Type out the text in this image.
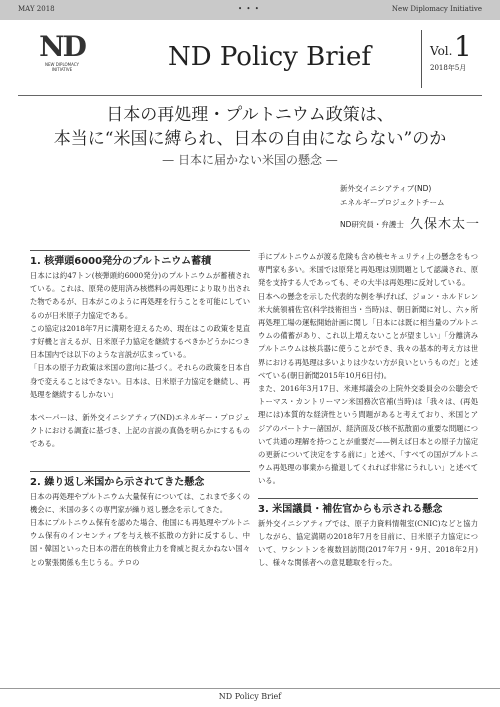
MAY 2018	• • •	New Diplomacy Initiative
ND
NEW DIPLOMACY
INITIATIVE	ND Policy Brief	Vol. 1
2018年5月
日本の再処理・プルトニウム政策は、
本当に“米国に縛られ、日本の自由にならない”のか
— 日本に届かない米国の懸念 —
新外交イニシアティブ(ND)
エネルギープロジェクトチーム
ND研究員・弁護士 久保木太一
1. 核弾頭6000発分のプルトニウム蓄積

日本には約47トン(核弾頭約6000発分)のプルトニウムが蓄積されている。これは、原発の使用済み核燃料の再処理により取り出された物であるが、日本がこのように再処理を行うことを可能にしているのが日米原子力協定である。

この協定は2018年7月に満期を迎えるため、現在はこの政策を見直す好機と言えるが、日米原子力協定を継続するべきかどうかにつき日本国内では以下のような言説が広まっている。

「日本の原子力政策は米国の意向に基づく。それらの政策を日本自身で変えることはできない。日本は、日米原子力協定を継続し、再処理を継続するしかない」

本ペーパーは、新外交イニシアティブ(ND)エネルギー・プロジェクトにおける調査に基づき、上記の言説の真偽を明らかにするものである。

2. 繰り返し米国から示されてきた懸念

日本の再処理やプルトニウム大量保有については、これまで多くの機会に、米国の多くの専門家が繰り返し懸念を示してきた。

日本にプルトニウム保有を認めた場合、他国にも再処理やプルトニウム保有のインセンティブを与え核不拡散の方針に反するし、中国・韓国といった日本の潜在的核脅止力を脅威と捉えかねない国々との緊張関係も生じうる。テロの

手にプルトニウムが渡る危険も含め核セキュリティ上の懸念をもつ専門家も多い。米国では原発と再処理は別問題として認識され、原発を支持する人であっても、その大半は再処理に反対している。

日本への懸念を示した代表的な例を挙げれば、ジョン・ホルドレン米大統領補佐官(科学技術担当・当時)は、朝日新聞に対し、六ヶ所再処理工場の運転開始計画に関し「日本には既に相当量のプルトニウムの備蓄があり、これ以上増えないことが望ましい」「分離済みプルトニウムは核兵器に使うことができ、我々の基本的考え方は世界における再処理は多いよりは少ない方が良いというものだ」と述べている(朝日新聞2015年10月6日付)。

また、2016年3月17日、米連邦議会の上院外交委員会の公聴会でトーマス・カントリーマン米国務次官補(当時)は「我々は、(再処理には)本質的な経済性という問題があると考えており、米国とアジアのパートナー諸国が、経済面及び核不拡散面の重要な問題について共通の理解を持つことが重要だ——例えば日本との原子力協定の更新について決定をする前に」と述べ、「すべての国がプルトニウム再処理の事業から撤退してくれれば非常にうれしい」と述べている。

3. 米国議員・補佐官からも示される懸念

新外交イニシアティブでは、原子力資料情報室(CNIC)などと協力しながら、協定満期の2018年7月を目前に、日米原子力協定について、ワシントンを複数回訪問(2017年7月・9月、2018年2月)し、様々な関係者への意見聴取を行った。

ND Policy Brief
